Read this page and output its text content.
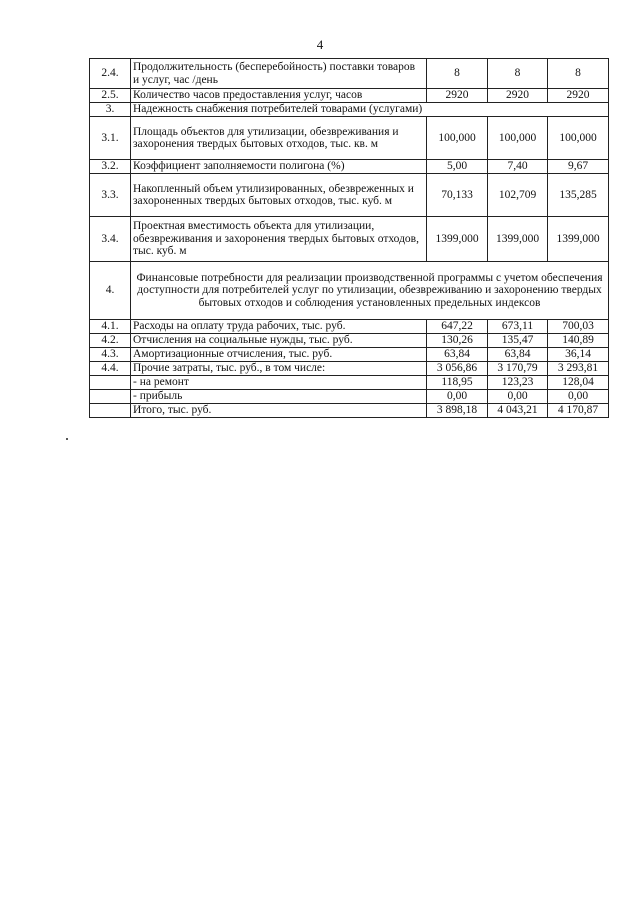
4
2.4.	Продолжительность (бесперебойность) поставки товаров и услуг, час /день	8	8	8
2.5.	Количество часов предоставления услуг, часов	2920	2920	2920
3.	Надежность снабжения потребителей товарами (услугами)			
3.1.	Площадь объектов для утилизации, обезвреживания и захоронения твердых бытовых отходов, тыс. кв. м	100,000	100,000	100,000
3.2.	Коэффициент заполняемости полигона (%)	5,00	7,40	9,67
3.3.	Накопленный объем утилизированных, обезвреженных и захороненных твердых бытовых отходов, тыс. куб. м	70,133	102,709	135,285
3.4.	Проектная вместимость объекта для утилизации, обезвреживания и захоронения твердых бытовых отходов, тыс. куб. м	1399,000	1399,000	1399,000
4.	Финансовые потребности для реализации производственной программы с учетом обеспечения доступности для потребителей услуг по утилизации, обезвреживанию и захоронению твердых бытовых отходов и соблюдения установленных предельных индексов			
4.1.	Расходы на оплату труда рабочих, тыс. руб.	647,22	673,11	700,03
4.2.	Отчисления на социальные нужды, тыс. руб.	130,26	135,47	140,89
4.3.	Амортизационные отчисления, тыс. руб.	63,84	63,84	36,14
4.4.	Прочие затраты, тыс. руб., в том числе:	3 056,86	3 170,79	3 293,81
	- на ремонт	118,95	123,23	128,04
	- прибыль	0,00	0,00	0,00
	Итого, тыс. руб.	3 898,18	4 043,21	4 170,87
